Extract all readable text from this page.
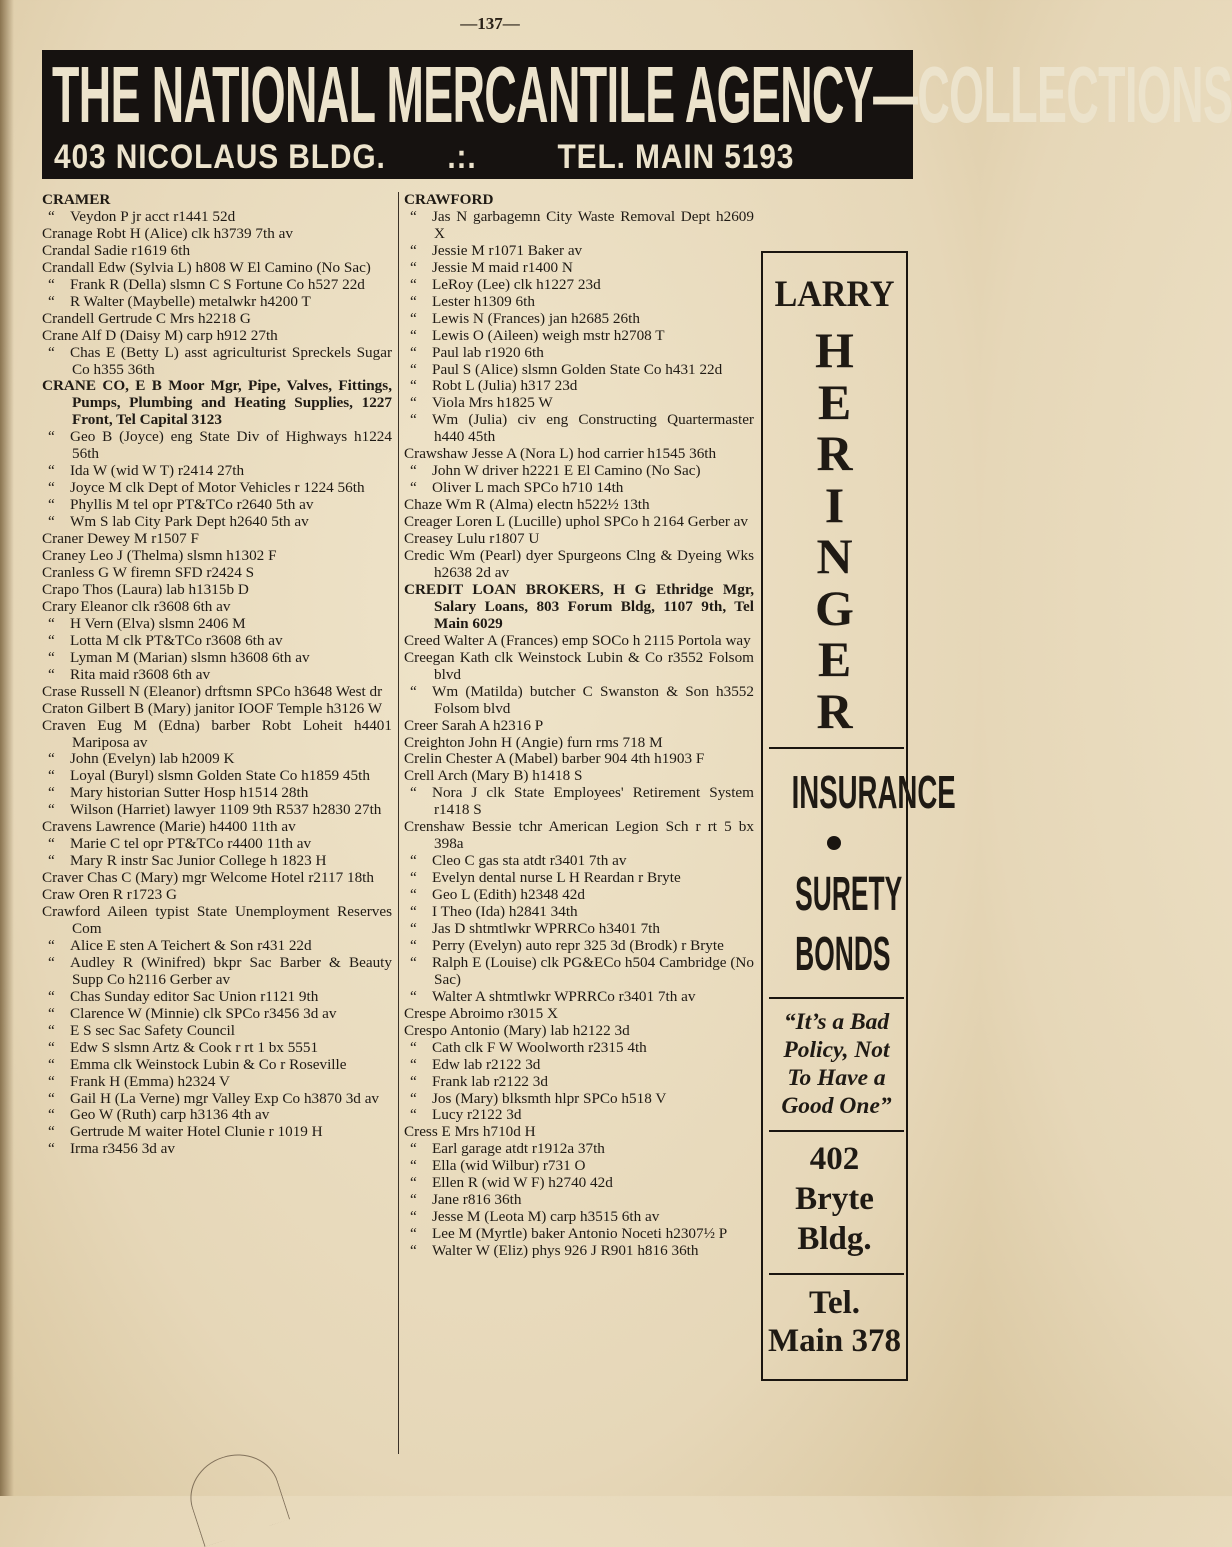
—137—
THE NATIONAL MERCANTILE AGENCY—COLLECTIONS
403 NICOLAUS BLDG. .:. TEL. MAIN 5193
CRAMER
“ Veydon P jr acct r1441 52d
Cranage Robt H (Alice) clk h3739 7th av
Crandal Sadie r1619 6th
Crandall Edw (Sylvia L) h808 W El Camino (No Sac)
“ Frank R (Della) slsmn C S Fortune Co h527 22d
“ R Walter (Maybelle) metalwkr h4200 T
Crandell Gertrude C Mrs h2218 G
Crane Alf D (Daisy M) carp h912 27th
“ Chas E (Betty L) asst agriculturist Spreckels Sugar Co h355 36th
CRANE CO, E B Moor Mgr, Pipe, Valves, Fittings, Pumps, Plumbing and Heating Supplies, 1227 Front, Tel Capital 3123
“ Geo B (Joyce) eng State Div of Highways h1224 56th
“ Ida W (wid W T) r2414 27th
“ Joyce M clk Dept of Motor Vehicles r 1224 56th
“ Phyllis M tel opr PT&TCo r2640 5th av
“ Wm S lab City Park Dept h2640 5th av
Craner Dewey M r1507 F
Craney Leo J (Thelma) slsmn h1302 F
Cranless G W firemn SFD r2424 S
Crapo Thos (Laura) lab h1315b D
Crary Eleanor clk r3608 6th av
“ H Vern (Elva) slsmn 2406 M
“ Lotta M clk PT&TCo r3608 6th av
“ Lyman M (Marian) slsmn h3608 6th av
“ Rita maid r3608 6th av
Crase Russell N (Eleanor) drftsmn SPCo h3648 West dr
Craton Gilbert B (Mary) janitor IOOF Temple h3126 W
Craven Eug M (Edna) barber Robt Loheit h4401 Mariposa av
“ John (Evelyn) lab h2009 K
“ Loyal (Buryl) slsmn Golden State Co h1859 45th
“ Mary historian Sutter Hosp h1514 28th
“ Wilson (Harriet) lawyer 1109 9th R537 h2830 27th
Cravens Lawrence (Marie) h4400 11th av
“ Marie C tel opr PT&TCo r4400 11th av
“ Mary R instr Sac Junior College h 1823 H
Craver Chas C (Mary) mgr Welcome Hotel r2117 18th
Craw Oren R r1723 G
Crawford Aileen typist State Unemployment Reserves Com
“ Alice E sten A Teichert & Son r431 22d
“ Audley R (Winifred) bkpr Sac Barber & Beauty Supp Co h2116 Gerber av
“ Chas Sunday editor Sac Union r1121 9th
“ Clarence W (Minnie) clk SPCo r3456 3d av
“ E S sec Sac Safety Council
“ Edw S slsmn Artz & Cook r rt 1 bx 5551
“ Emma clk Weinstock Lubin & Co r Roseville
“ Frank H (Emma) h2324 V
“ Gail H (La Verne) mgr Valley Exp Co h3870 3d av
“ Geo W (Ruth) carp h3136 4th av
“ Gertrude M waiter Hotel Clunie r 1019 H
“ Irma r3456 3d av
CRAWFORD
“ Jas N garbagemn City Waste Removal Dept h2609 X
“ Jessie M r1071 Baker av
“ Jessie M maid r1400 N
“ LeRoy (Lee) clk h1227 23d
“ Lester h1309 6th
“ Lewis N (Frances) jan h2685 26th
“ Lewis O (Aileen) weigh mstr h2708 T
“ Paul lab r1920 6th
“ Paul S (Alice) slsmn Golden State Co h431 22d
“ Robt L (Julia) h317 23d
“ Viola Mrs h1825 W
“ Wm (Julia) civ eng Constructing Quartermaster h440 45th
Crawshaw Jesse A (Nora L) hod carrier h1545 36th
“ John W driver h2221 E El Camino (No Sac)
“ Oliver L mach SPCo h710 14th
Chaze Wm R (Alma) electn h522½ 13th
Creager Loren L (Lucille) uphol SPCo h 2164 Gerber av
Creasey Lulu r1807 U
Credic Wm (Pearl) dyer Spurgeons Clng & Dyeing Wks h2638 2d av
CREDIT LOAN BROKERS, H G Ethridge Mgr, Salary Loans, 803 Forum Bldg, 1107 9th, Tel Main 6029
Creed Walter A (Frances) emp SOCo h 2115 Portola way
Creegan Kath clk Weinstock Lubin & Co r3552 Folsom blvd
“ Wm (Matilda) butcher C Swanston & Son h3552 Folsom blvd
Creer Sarah A h2316 P
Creighton John H (Angie) furn rms 718 M
Crelin Chester A (Mabel) barber 904 4th h1903 F
Crell Arch (Mary B) h1418 S
“ Nora J clk State Employees' Retirement System r1418 S
Crenshaw Bessie tchr American Legion Sch r rt 5 bx 398a
“ Cleo C gas sta atdt r3401 7th av
“ Evelyn dental nurse L H Reardan r Bryte
“ Geo L (Edith) h2348 42d
“ I Theo (Ida) h2841 34th
“ Jas D shtmtlwkr WPRRCo h3401 7th
“ Perry (Evelyn) auto repr 325 3d (Brodk) r Bryte
“ Ralph E (Louise) clk PG&ECo h504 Cambridge (No Sac)
“ Walter A shtmtlwkr WPRRCo r3401 7th av
Crespe Abroimo r3015 X
Crespo Antonio (Mary) lab h2122 3d
“ Cath clk F W Woolworth r2315 4th
“ Edw lab r2122 3d
“ Frank lab r2122 3d
“ Jos (Mary) blksmth hlpr SPCo h518 V
“ Lucy r2122 3d
Cress E Mrs h710d H
“ Earl garage atdt r1912a 37th
“ Ella (wid Wilbur) r731 O
“ Ellen R (wid W F) h2740 42d
“ Jane r816 36th
“ Jesse M (Leota M) carp h3515 6th av
“ Lee M (Myrtle) baker Antonio Noceti h2307½ P
“ Walter W (Eliz) phys 926 J R901 h816 36th
LARRY
H
E
R
I
N
G
E
R
INSURANCE
SURETY
BONDS
“It’s a Bad
Policy, Not
To Have a
Good One”
402
Bryte
Bldg.
Tel.
Main 378
